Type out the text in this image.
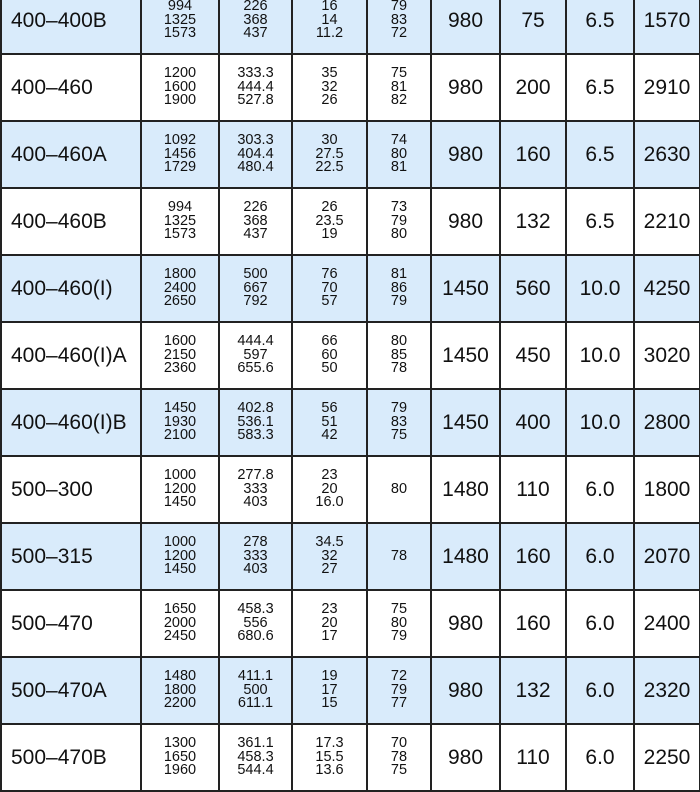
400–400B	994
1325
1573	226
368
437	16
14
11.2	79
83
72	980	75	6.5	1570
400–460	1200
1600
1900	333.3
444.4
527.8	35
32
26	75
81
82	980	200	6.5	2910
400–460A	1092
1456
1729	303.3
404.4
480.4	30
27.5
22.5	74
80
81	980	160	6.5	2630
400–460B	994
1325
1573	226
368
437	26
23.5
19	73
79
80	980	132	6.5	2210
400–460(I)	1800
2400
2650	500
667
792	76
70
57	81
86
79	1450	560	10.0	4250
400–460(I)A	1600
2150
2360	444.4
597
655.6	66
60
50	80
85
78	1450	450	10.0	3020
400–460(I)B	1450
1930
2100	402.8
536.1
583.3	56
51
42	79
83
75	1450	400	10.0	2800
500–300	1000
1200
1450	277.8
333
403	23
20
16.0	80	1480	110	6.0	1800
500–315	1000
1200
1450	278
333
403	34.5
32
27	78	1480	160	6.0	2070
500–470	1650
2000
2450	458.3
556
680.6	23
20
17	75
80
79	980	160	6.0	2400
500–470A	1480
1800
2200	411.1
500
611.1	19
17
15	72
79
77	980	132	6.0	2320
500–470B	1300
1650
1960	361.1
458.3
544.4	17.3
15.5
13.6	70
78
75	980	110	6.0	2250
